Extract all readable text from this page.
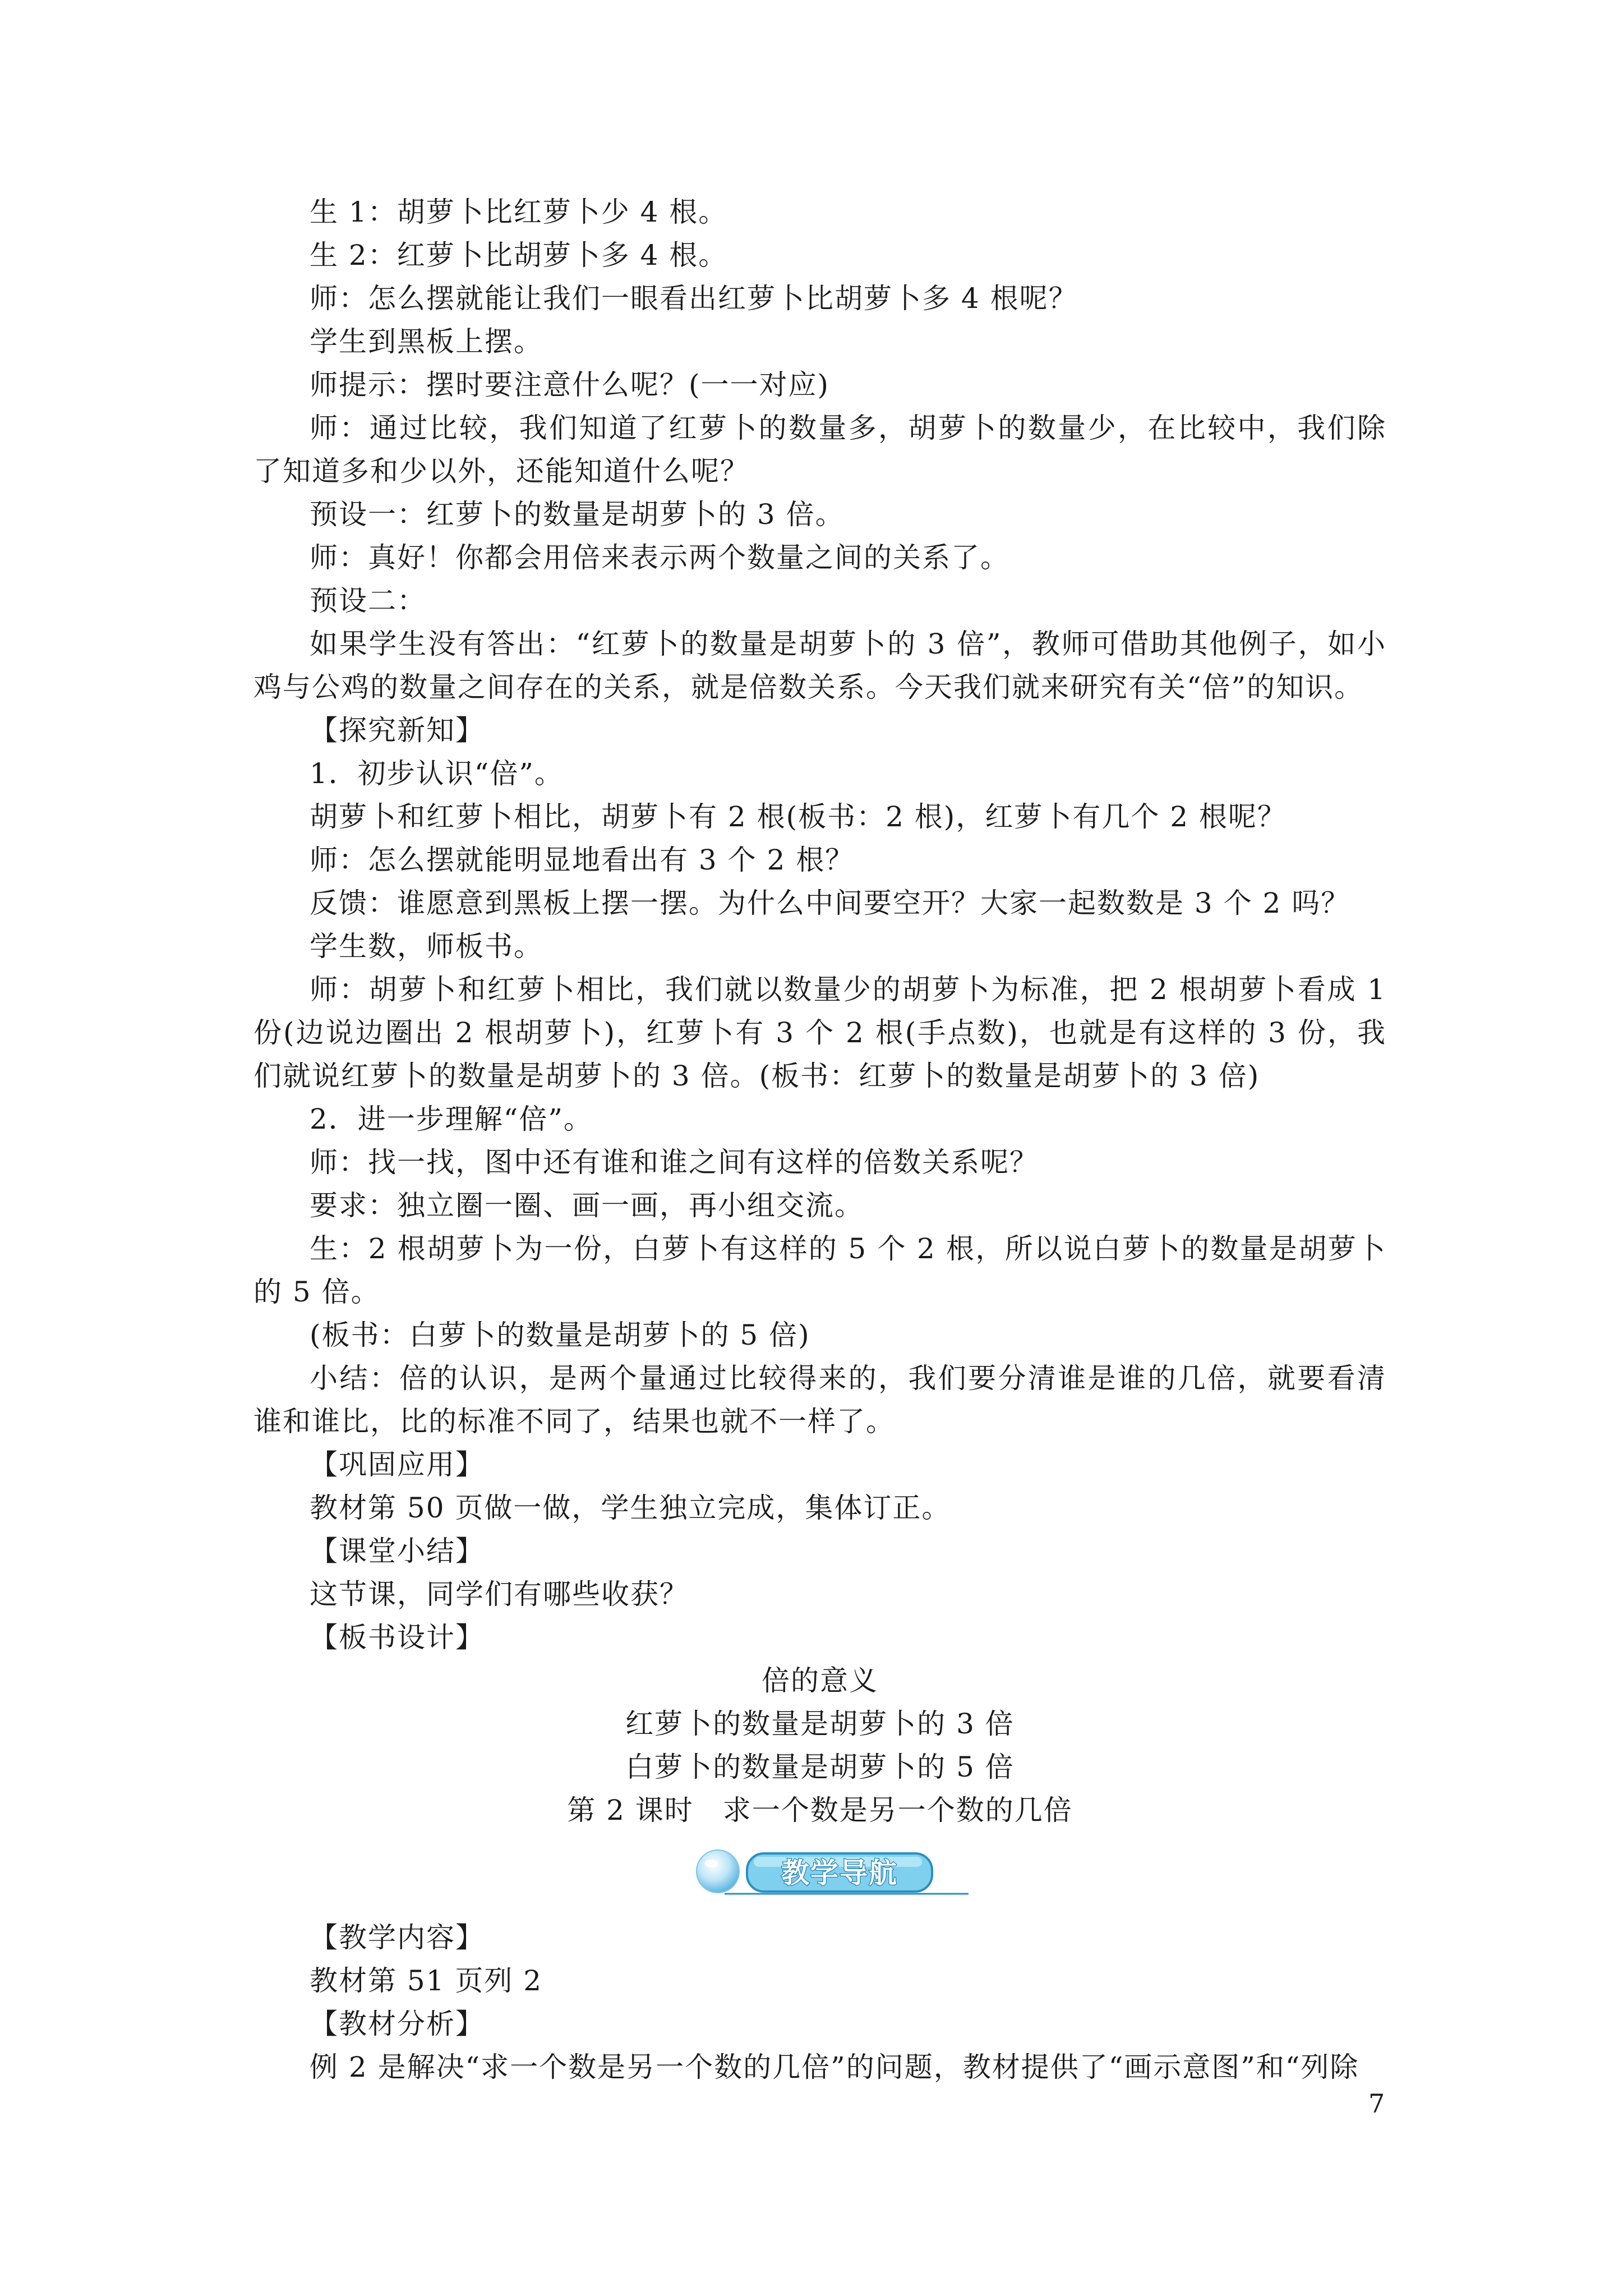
生 1：胡萝卜比红萝卜少 4 根。

生 2：红萝卜比胡萝卜多 4 根。

师：怎么摆就能让我们一眼看出红萝卜比胡萝卜多 4 根呢？

学生到黑板上摆。

师提示：摆时要注意什么呢？(一一对应)

师：通过比较，我们知道了红萝卜的数量多，胡萝卜的数量少，在比较中，我们除了知道多和少以外，还能知道什么呢？

预设一：红萝卜的数量是胡萝卜的 3 倍。

师：真好！你都会用倍来表示两个数量之间的关系了。

预设二：

如果学生没有答出：“红萝卜的数量是胡萝卜的 3 倍”，教师可借助其他例子，如小鸡与公鸡的数量之间存在的关系，就是倍数关系。今天我们就来研究有关“倍”的知识。

【探究新知】

1．初步认识“倍”。

胡萝卜和红萝卜相比，胡萝卜有 2 根(板书：2 根)，红萝卜有几个 2 根呢？

师：怎么摆就能明显地看出有 3 个 2 根？

反馈：谁愿意到黑板上摆一摆。为什么中间要空开？大家一起数数是 3 个 2 吗？

学生数，师板书。

师：胡萝卜和红萝卜相比，我们就以数量少的胡萝卜为标准，把 2 根胡萝卜看成 1 份(边说边圈出 2 根胡萝卜)，红萝卜有 3 个 2 根(手点数)，也就是有这样的 3 份，我们就说红萝卜的数量是胡萝卜的 3 倍。(板书：红萝卜的数量是胡萝卜的 3 倍)

2．进一步理解“倍”。

师：找一找，图中还有谁和谁之间有这样的倍数关系呢？

要求：独立圈一圈、画一画，再小组交流。

生：2 根胡萝卜为一份，白萝卜有这样的 5 个 2 根，所以说白萝卜的数量是胡萝卜的 5 倍。

(板书：白萝卜的数量是胡萝卜的 5 倍)

小结：倍的认识，是两个量通过比较得来的，我们要分清谁是谁的几倍，就要看清谁和谁比，比的标准不同了，结果也就不一样了。

【巩固应用】

教材第 50 页做一做，学生独立完成，集体订正。

【课堂小结】

这节课，同学们有哪些收获？

【板书设计】

倍的意义

红萝卜的数量是胡萝卜的 3 倍

白萝卜的数量是胡萝卜的 5 倍

第 2 课时　求一个数是另一个数的几倍

教学导航

【教学内容】

教材第 51 页列 2

【教材分析】

例 2 是解决“求一个数是另一个数的几倍”的问题，教材提供了“画示意图”和“列除

7
